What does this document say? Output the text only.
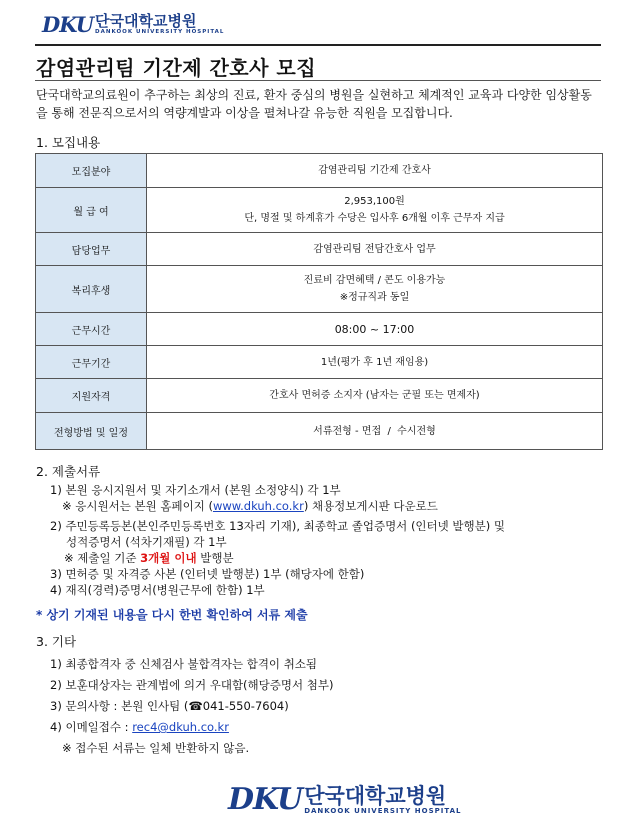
DKU 단국대학교병원
DANKOOK UNIVERSITY HOSPITAL
감염관리팀 기간제 간호사 모집
단국대학교의료원이 추구하는 최상의 진료, 환자 중심의 병원을 실현하고 체계적인 교육과 다양한 임상활동을 통해 전문직으로서의 역량계발과 이상을 펼쳐나갈 유능한 직원을 모집합니다.
1. 모집내용
모집분야	감염관리팀 기간제 간호사

월 급 여	2,953,100원
단, 명절 및 하계휴가 수당은 입사후 6개월 이후 근무자 지급

담당업무	감염관리팀 전담간호사 업무

복리후생	진료비 감면혜택 / 콘도 이용가능
※정규직과 동일

근무시간	08:00 ~ 17:00

근무기간	1년(평가 후 1년 재임용)

지원자격	간호사 면허증 소지자 (남자는 군필 또는 면제자)

전형방법 및 일정	서류전형 - 면접  /  수시전형
2. 제출서류
1) 본원 응시지원서 및 자기소개서 (본원 소정양식) 각 1부
※ 응시원서는 본원 홈페이지 (www.dkuh.co.kr) 채용정보게시판 다운로드
2) 주민등록등본(본인주민등록번호 13자리 기재), 최종학교 졸업증명서 (인터넷 발행분) 및
성적증명서 (석차기재필) 각 1부
※ 제출일 기준 3개월 이내 발행분
3) 면허증 및 자격증 사본 (인터넷 발행분) 1부 (해당자에 한함)
4) 재직(경력)증명서(병원근무에 한함) 1부
* 상기 기재된 내용을 다시 한번 확인하여 서류 제출
3. 기타
1) 최종합격자 중 신체검사 불합격자는 합격이 취소됨
2) 보훈대상자는 관계법에 의거 우대함(해당증명서 첨부)
3) 문의사항 : 본원 인사팀 (☎041-550-7604)
4) 이메일접수 : rec4@dkuh.co.kr
※ 접수된 서류는 일체 반환하지 않음.
DKU 단국대학교병원
DANKOOK UNIVERSITY HOSPITAL
